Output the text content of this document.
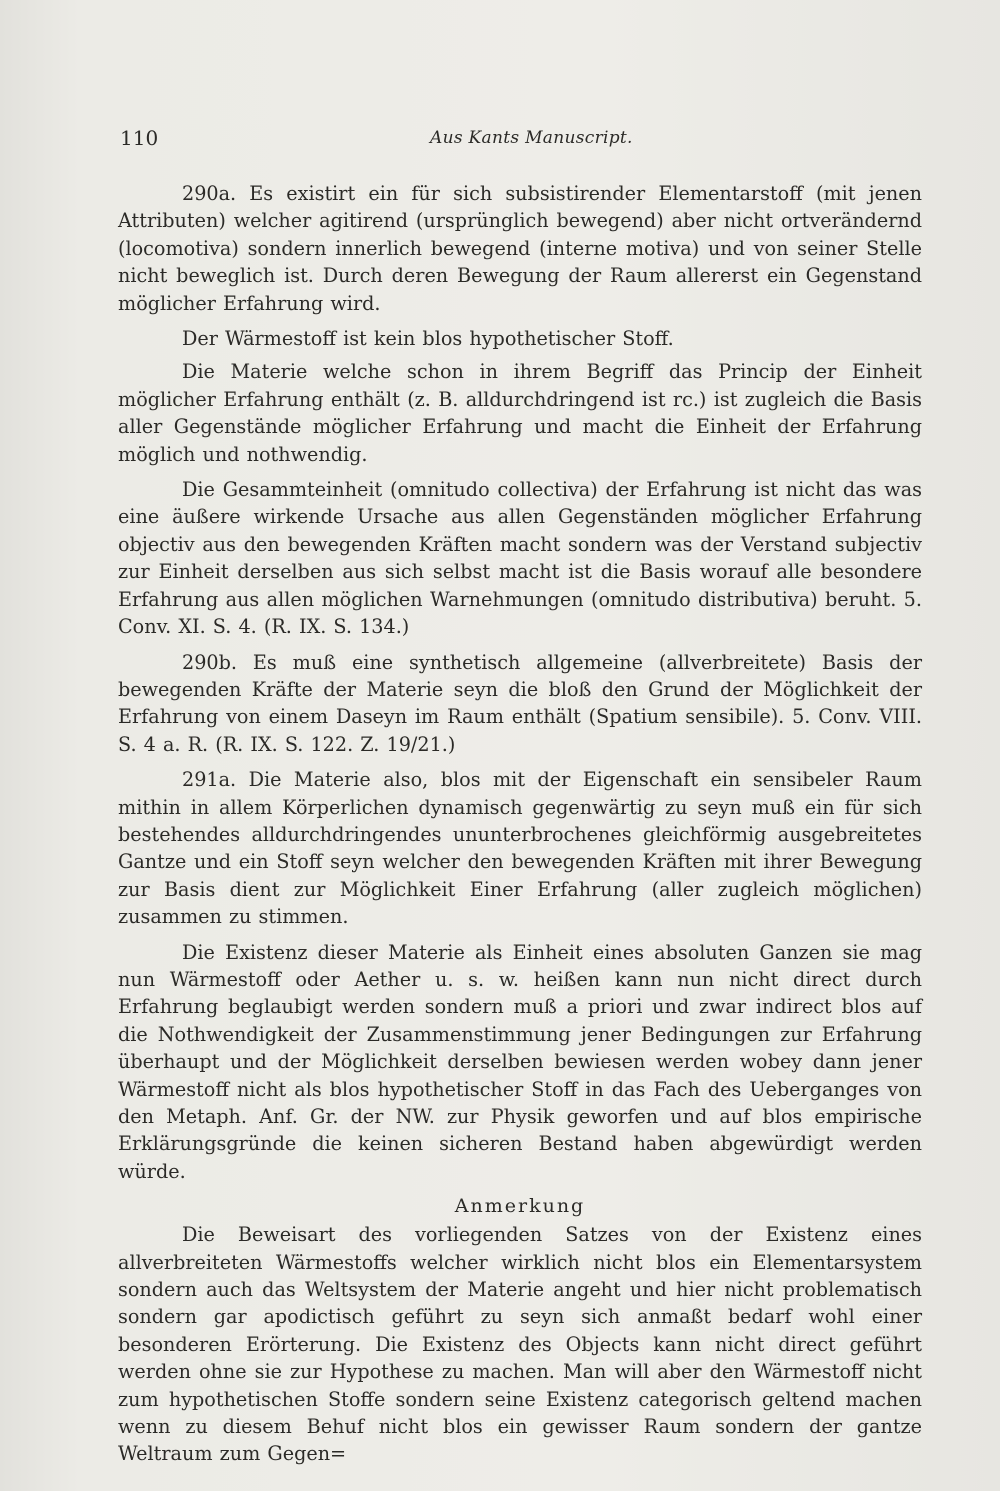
110	Aus Kants Manuscript.

290a. Es existirt ein für sich subsistirender Elementarstoff (mit jenen Attributen) welcher agitirend (ursprünglich bewegend) aber nicht ortverändernd (locomotiva) sondern innerlich bewegend (interne motiva) und von seiner Stelle nicht beweglich ist. Durch deren Bewegung der Raum allererst ein Gegenstand möglicher Erfahrung wird.

Der Wärmestoff ist kein blos hypothetischer Stoff.

Die Materie welche schon in ihrem Begriff das Princip der Einheit möglicher Erfahrung enthält (z. B. alldurchdringend ist rc.) ist zugleich die Basis aller Gegenstände möglicher Erfahrung und macht die Einheit der Erfahrung möglich und nothwendig.

Die Gesammteinheit (omnitudo collectiva) der Erfahrung ist nicht das was eine äußere wirkende Ursache aus allen Gegenständen möglicher Erfahrung objectiv aus den bewegenden Kräften macht sondern was der Verstand subjectiv zur Einheit derselben aus sich selbst macht ist die Basis worauf alle besondere Erfahrung aus allen möglichen Warnehmungen (omnitudo distributiva) beruht. 5. Conv. XI. S. 4. (R. IX. S. 134.)

290b. Es muß eine synthetisch allgemeine (allverbreitete) Basis der bewegenden Kräfte der Materie seyn die bloß den Grund der Möglichkeit der Erfahrung von einem Daseyn im Raum enthält (Spatium sensibile). 5. Conv. VIII. S. 4 a. R. (R. IX. S. 122. Z. 19/21.)

291a. Die Materie also, blos mit der Eigenschaft ein sensibeler Raum mithin in allem Körperlichen dynamisch gegenwärtig zu seyn muß ein für sich bestehendes alldurchdringendes ununterbrochenes gleichförmig ausgebreitetes Gantze und ein Stoff seyn welcher den bewegenden Kräften mit ihrer Bewegung zur Basis dient zur Möglichkeit Einer Erfahrung (aller zugleich möglichen) zusammen zu stimmen.

Die Existenz dieser Materie als Einheit eines absoluten Ganzen sie mag nun Wärmestoff oder Aether u. s. w. heißen kann nun nicht direct durch Erfahrung beglaubigt werden sondern muß a priori und zwar indirect blos auf die Nothwendigkeit der Zusammenstimmung jener Bedingungen zur Erfahrung überhaupt und der Möglichkeit derselben bewiesen werden wobey dann jener Wärmestoff nicht als blos hypothetischer Stoff in das Fach des Ueberganges von den Metaph. Anf. Gr. der NW. zur Physik geworfen und auf blos empirische Erklärungsgründe die keinen sicheren Bestand haben abgewürdigt werden würde.

Anmerkung

Die Beweisart des vorliegenden Satzes von der Existenz eines allverbreiteten Wärmestoffs welcher wirklich nicht blos ein Elementarsystem sondern auch das Weltsystem der Materie angeht und hier nicht problematisch sondern gar apodictisch geführt zu seyn sich anmaßt bedarf wohl einer besonderen Erörterung. Die Existenz des Objects kann nicht direct geführt werden ohne sie zur Hypothese zu machen. Man will aber den Wärmestoff nicht zum hypothetischen Stoffe sondern seine Existenz categorisch geltend machen wenn zu diesem Behuf nicht blos ein gewisser Raum sondern der gantze Weltraum zum Gegen=
